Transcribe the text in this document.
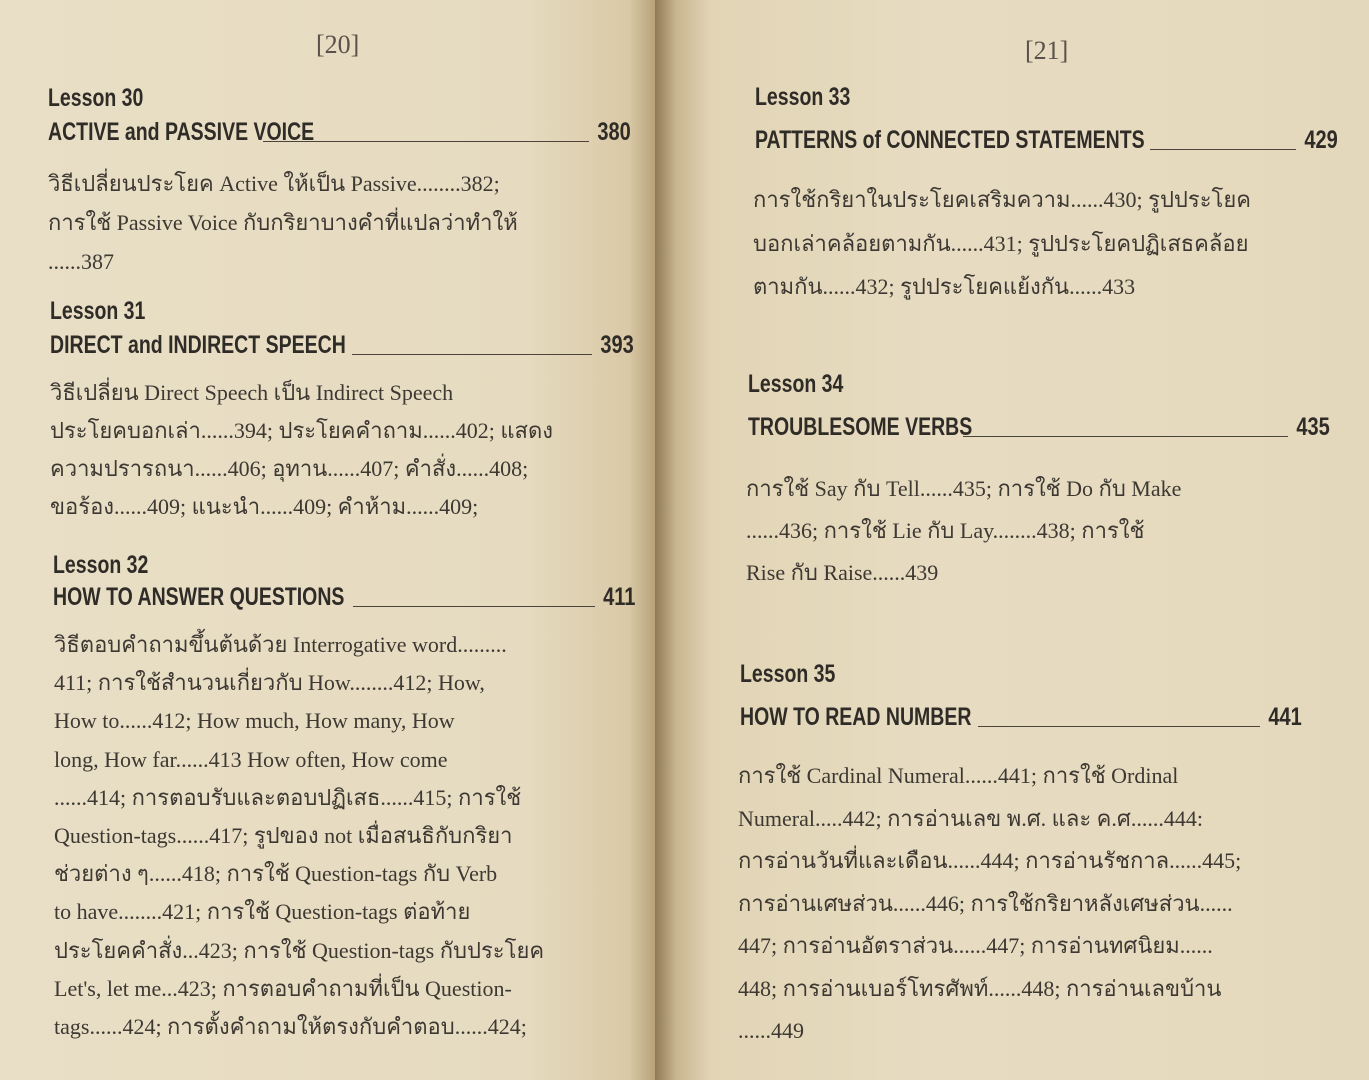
[20]
Lesson 30
ACTIVE and PASSIVE VOICE	380
วิธีเปลี่ยนประโยค Active ให้เป็น Passive........382;
การใช้ Passive Voice กับกริยาบางคำที่แปลว่าทำให้
......387
Lesson 31
DIRECT and INDIRECT SPEECH	393
วิธีเปลี่ยน Direct Speech เป็น Indirect Speech
ประโยคบอกเล่า......394; ประโยคคำถาม......402; แสดง
ความปรารถนา......406; อุทาน......407; คำสั่ง......408;
ขอร้อง......409; แนะนำ......409; คำห้าม......409;
Lesson 32
HOW TO ANSWER QUESTIONS	411
วิธีตอบคำถามขึ้นต้นด้วย Interrogative word.........
411; การใช้สำนวนเกี่ยวกับ How........412; How,
How to......412; How much, How many, How
long, How far......413 How often, How come
......414; การตอบรับและตอบปฏิเสธ......415; การใช้
Question-tags......417; รูปของ not เมื่อสนธิกับกริยา
ช่วยต่าง ๆ......418; การใช้ Question-tags กับ Verb
to have........421; การใช้ Question-tags ต่อท้าย
ประโยคคำสั่ง...423; การใช้ Question-tags กับประโยค
Let's, let me...423; การตอบคำถามที่เป็น Question-
tags......424; การตั้งคำถามให้ตรงกับคำตอบ......424;
[21]
Lesson 33
PATTERNS of CONNECTED STATEMENTS	429
การใช้กริยาในประโยคเสริมความ......430; รูปประโยค
บอกเล่าคล้อยตามกัน......431; รูปประโยคปฏิเสธคล้อย
ตามกัน......432; รูปประโยคแย้งกัน......433
Lesson 34
TROUBLESOME VERBS	435
การใช้ Say กับ Tell......435; การใช้ Do กับ Make
......436; การใช้ Lie กับ Lay........438; การใช้
Rise กับ Raise......439
Lesson 35
HOW TO READ NUMBER	441
การใช้ Cardinal Numeral......441; การใช้ Ordinal
Numeral.....442; การอ่านเลข พ.ศ. และ ค.ศ......444:
การอ่านวันที่และเดือน......444; การอ่านรัชกาล......445;
การอ่านเศษส่วน......446; การใช้กริยาหลังเศษส่วน......
447; การอ่านอัตราส่วน......447; การอ่านทศนิยม......
448; การอ่านเบอร์โทรศัพท์......448; การอ่านเลขบ้าน
......449
